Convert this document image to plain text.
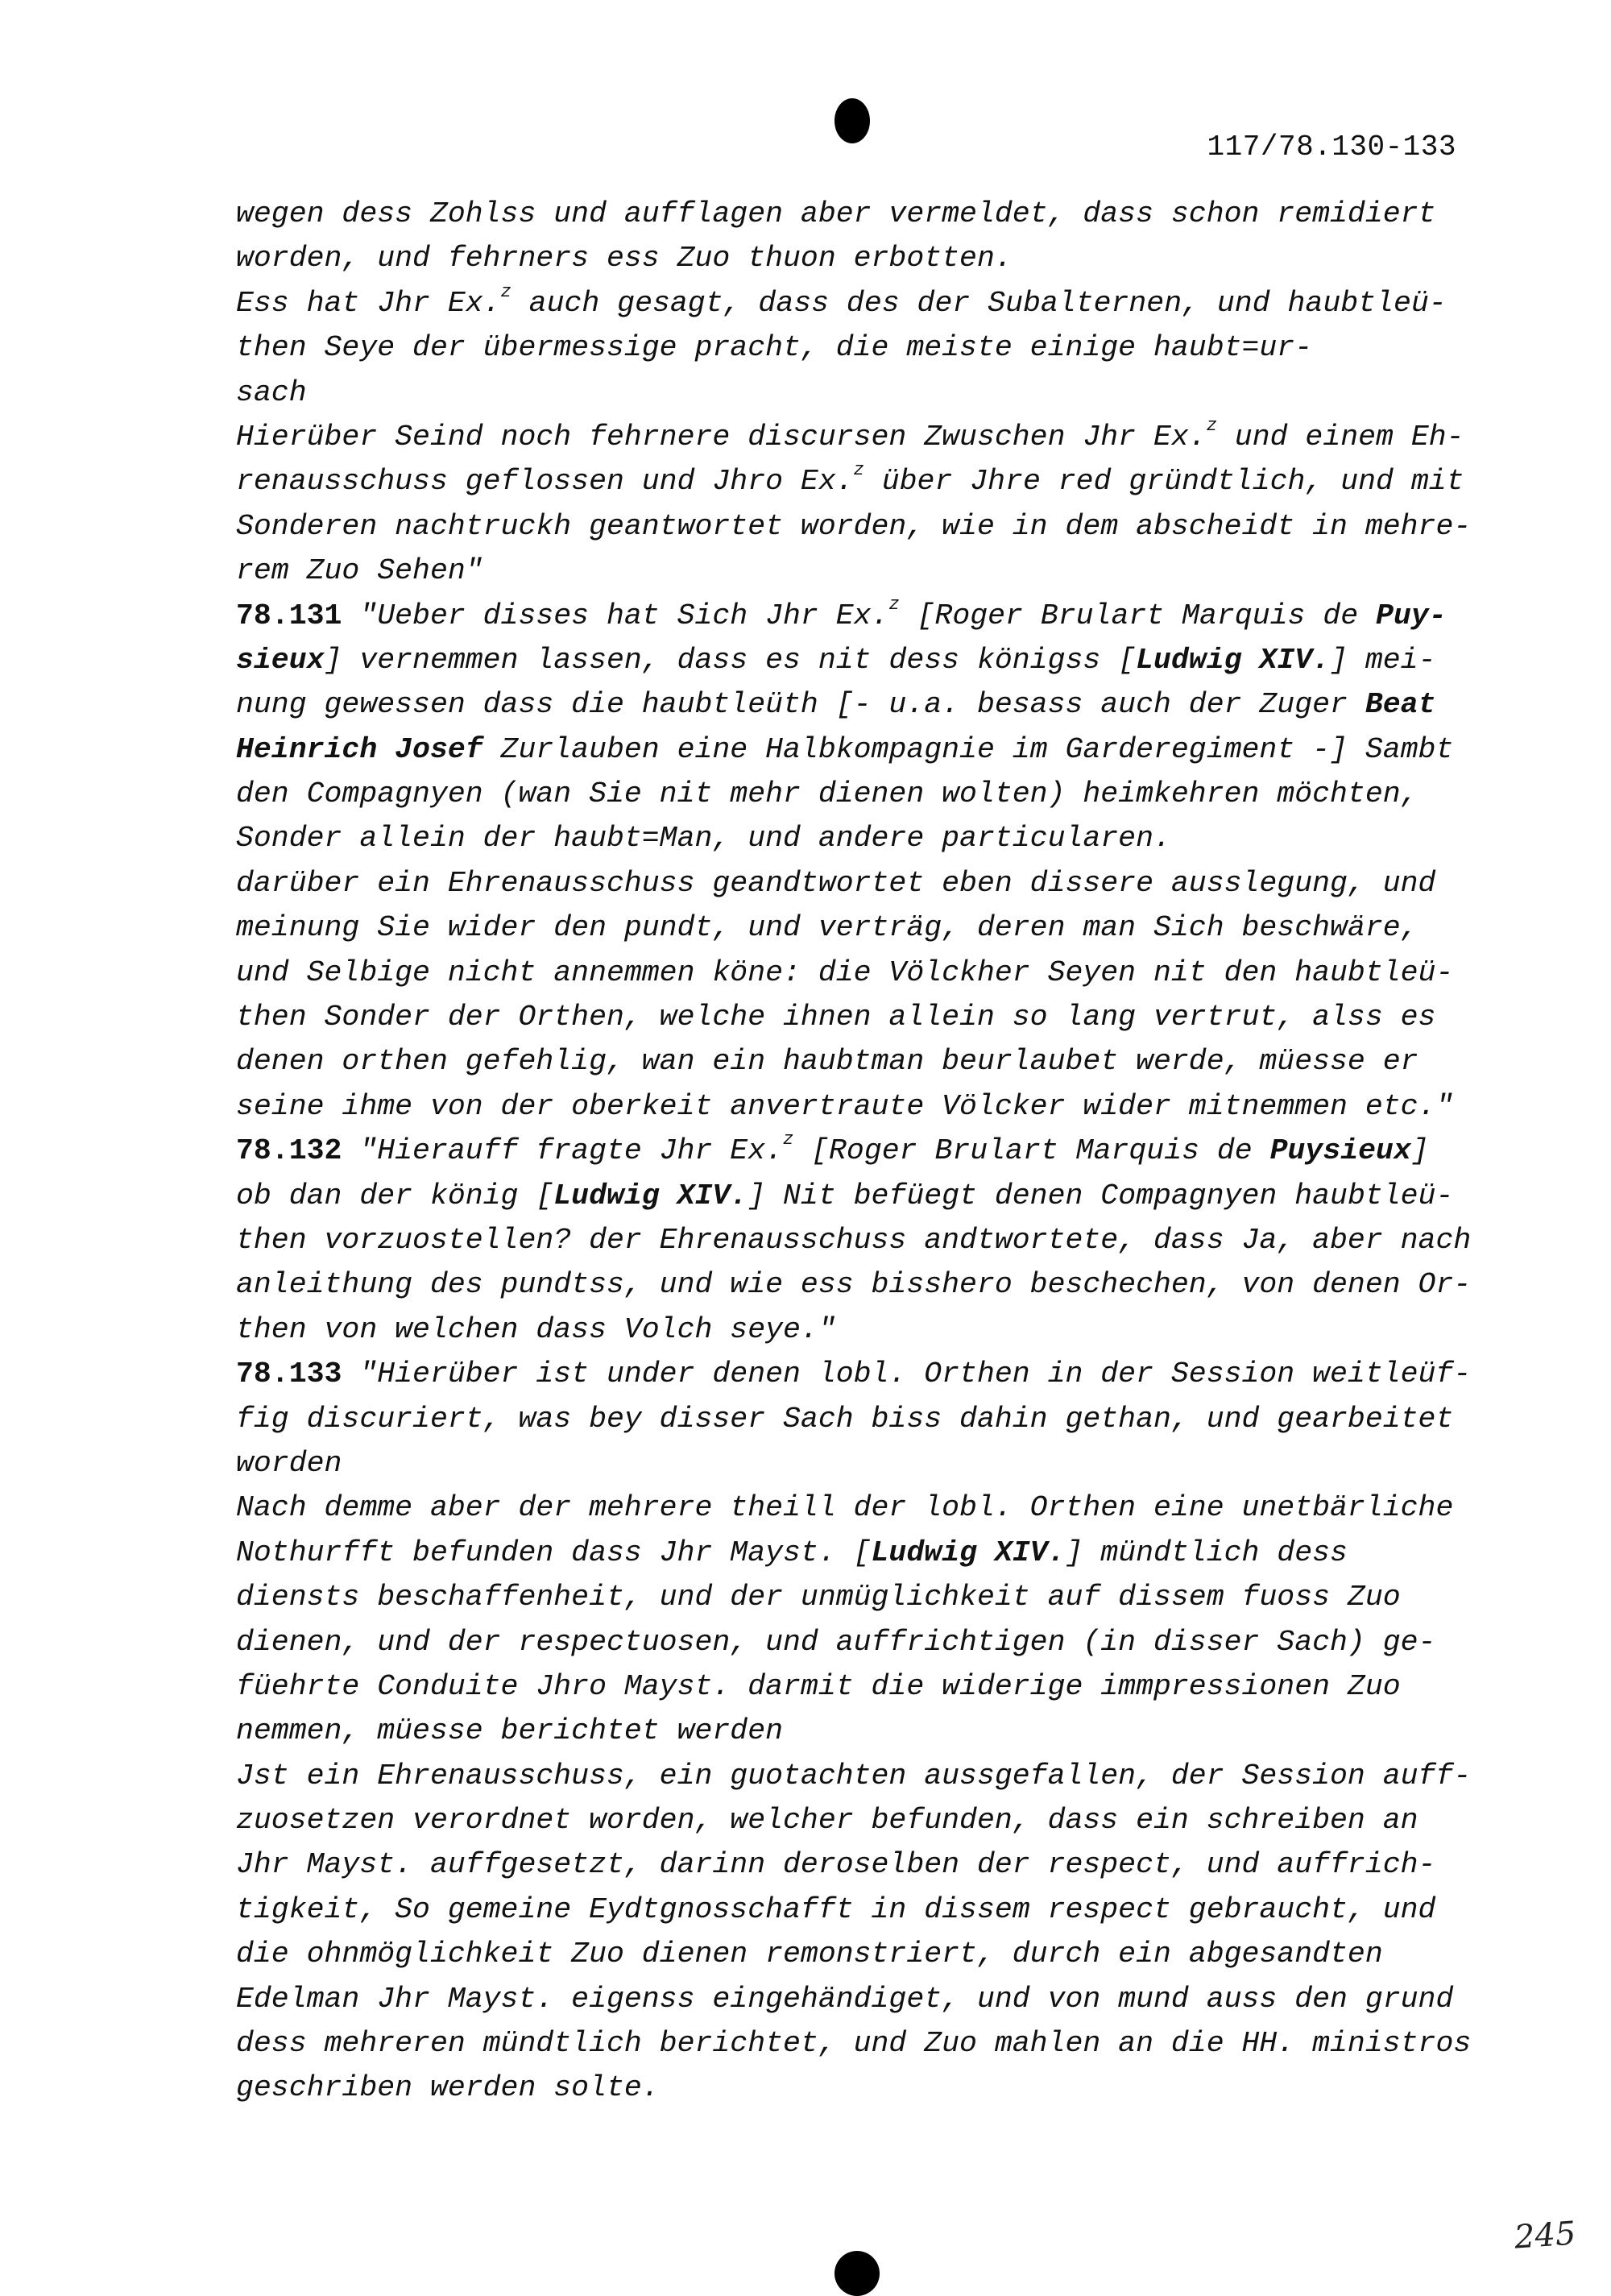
117/78.130-133
wegen dess Zohlss und aufflagen aber vermeldet, dass schon remidiert
worden, und fehrners ess Zuo thuon erbotten.
Ess hat Jhr Ex.$^z$ auch gesagt, dass des der Subalternen, und haubtleü-
then Seye der übermessige pracht, die meiste einige haubt=ur-
sach
Hierüber Seind noch fehrnere discursen Zwuschen Jhr Ex.$^z$ und einem Eh-
renausschuss geflossen und Jhro Ex.$^z$ über Jhre red gründtlich, und mit
Sonderen nachtruckh geantwortet worden, wie in dem abscheidt in mehre-
rem Zuo Sehen"
78.131 "Ueber disses hat Sich Jhr Ex.$^z$ [Roger Brulart Marquis de Puy-
sieux] vernemmen lassen, dass es nit dess königss [Ludwig XIV.] mei-
nung gewessen dass die haubtleüth [- u.a. besass auch der Zuger Beat
Heinrich Josef Zurlauben eine Halbkompagnie im Garderegiment -] Sambt
den Compagnyen (wan Sie nit mehr dienen wolten) heimkehren möchten,
Sonder allein der haubt=Man, und andere particularen.
darüber ein Ehrenausschuss geandtwortet eben dissere ausslegung, und
meinung Sie wider den pundt, und verträg, deren man Sich beschwäre,
und Selbige nicht annemmen köne: die Völckher Seyen nit den haubtleü-
then Sonder der Orthen, welche ihnen allein so lang vertrut, alss es
denen orthen gefehlig, wan ein haubtman beurlaubet werde, müesse er
seine ihme von der oberkeit anvertraute Völcker wider mitnemmen etc."
78.132 "Hierauff fragte Jhr Ex.$^z$ [Roger Brulart Marquis de Puysieux]
ob dan der könig [Ludwig XIV.] Nit befüegt denen Compagnyen haubtleü-
then vorzuostellen? der Ehrenausschuss andtwortete, dass Ja, aber nach
anleithung des pundtss, und wie ess bisshero beschechen, von denen Or-
then von welchen dass Volch seye."
78.133 "Hierüber ist under denen lobl. Orthen in der Session weitleüf-
fig discuriert, was bey disser Sach biss dahin gethan, und gearbeitet
worden
Nach demme aber der mehrere theill der lobl. Orthen eine unetbärliche
Nothurfft befunden dass Jhr Mayst. [Ludwig XIV.] mündtlich dess
diensts beschaffenheit, und der unmüglichkeit auf dissem fuoss Zuo
dienen, und der respectuosen, und auffrichtigen (in disser Sach) ge-
füehrte Conduite Jhro Mayst. darmit die widerige immpressionen Zuo
nemmen, müesse berichtet werden
Jst ein Ehrenausschuss, ein guotachten aussgefallen, der Session auff-
zuosetzen verordnet worden, welcher befunden, dass ein schreiben an
Jhr Mayst. auffgesetzt, darinn deroselben der respect, und auffrich-
tigkeit, So gemeine Eydtgnosschafft in dissem respect gebraucht, und
die ohnmöglichkeit Zuo dienen remonstriert, durch ein abgesandten
Edelman Jhr Mayst. eigenss eingehändiget, und von mund auss den grund
dess mehreren mündtlich berichtet, und Zuo mahlen an die HH. ministros
geschriben werden solte.
245
